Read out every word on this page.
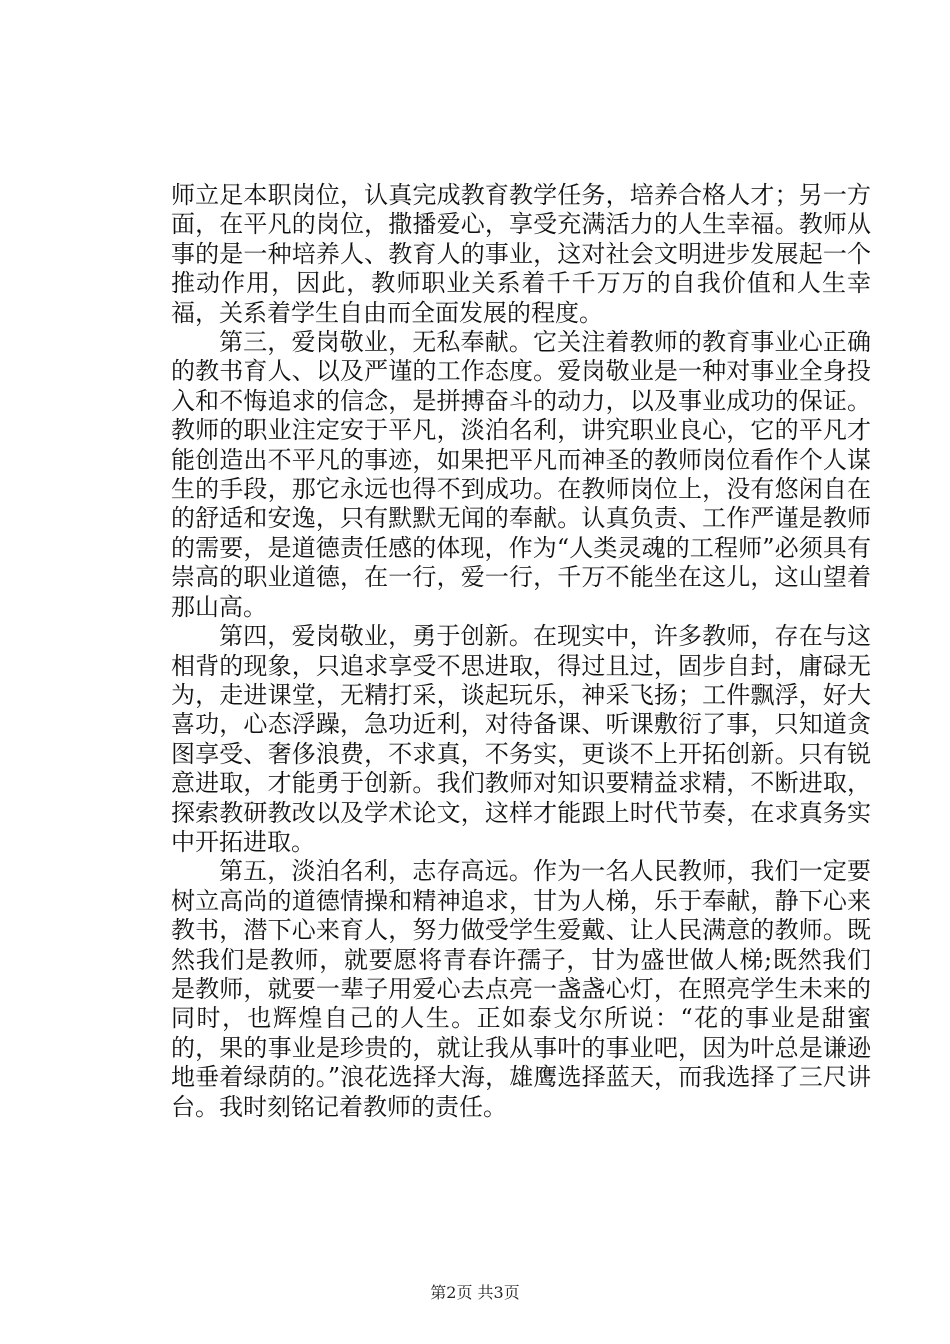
师立足本职岗位，认真完成教育教学任务，培养合格人才；另一方面，在平凡的岗位，撒播爱心，享受充满活力的人生幸福。教师从事的是一种培养人、教育人的事业，这对社会文明进步发展起一个推动作用，因此，教师职业关系着千千万万的自我价值和人生幸福，关系着学生自由而全面发展的程度。

第三，爱岗敬业，无私奉献。它关注着教师的教育事业心正确的教书育人、以及严谨的工作态度。爱岗敬业是一种对事业全身投入和不悔追求的信念，是拼搏奋斗的动力，以及事业成功的保证。教师的职业注定安于平凡，淡泊名利，讲究职业良心，它的平凡才能创造出不平凡的事迹，如果把平凡而神圣的教师岗位看作个人谋生的手段，那它永远也得不到成功。在教师岗位上，没有悠闲自在的舒适和安逸，只有默默无闻的奉献。认真负责、工作严谨是教师的需要，是道德责任感的体现，作为“人类灵魂的工程师”必须具有崇高的职业道德，在一行，爱一行，千万不能坐在这儿，这山望着那山高。

第四，爱岗敬业，勇于创新。在现实中，许多教师，存在与这相背的现象，只追求享受不思进取，得过且过，固步自封，庸碌无为，走进课堂，无精打采，谈起玩乐，神采飞扬；工件飘浮，好大喜功，心态浮躁，急功近利，对待备课、听课敷衍了事，只知道贪图享受、奢侈浪费，不求真，不务实，更谈不上开拓创新。只有锐意进取，才能勇于创新。我们教师对知识要精益求精，不断进取，探索教研教改以及学术论文，这样才能跟上时代节奏，在求真务实中开拓进取。

第五，淡泊名利，志存高远。作为一名人民教师，我们一定要树立高尚的道德情操和精神追求，甘为人梯，乐于奉献，静下心来教书，潜下心来育人，努力做受学生爱戴、让人民满意的教师。既然我们是教师，就要愿将青春许孺子，甘为盛世做人梯;既然我们是教师，就要一辈子用爱心去点亮一盏盏心灯，在照亮学生未来的同时，也辉煌自己的人生。正如泰戈尔所说：“花的事业是甜蜜的，果的事业是珍贵的，就让我从事叶的事业吧，因为叶总是谦逊地垂着绿荫的。”浪花选择大海，雄鹰选择蓝天，而我选择了三尺讲台。我时刻铭记着教师的责任。

第2页 共3页
